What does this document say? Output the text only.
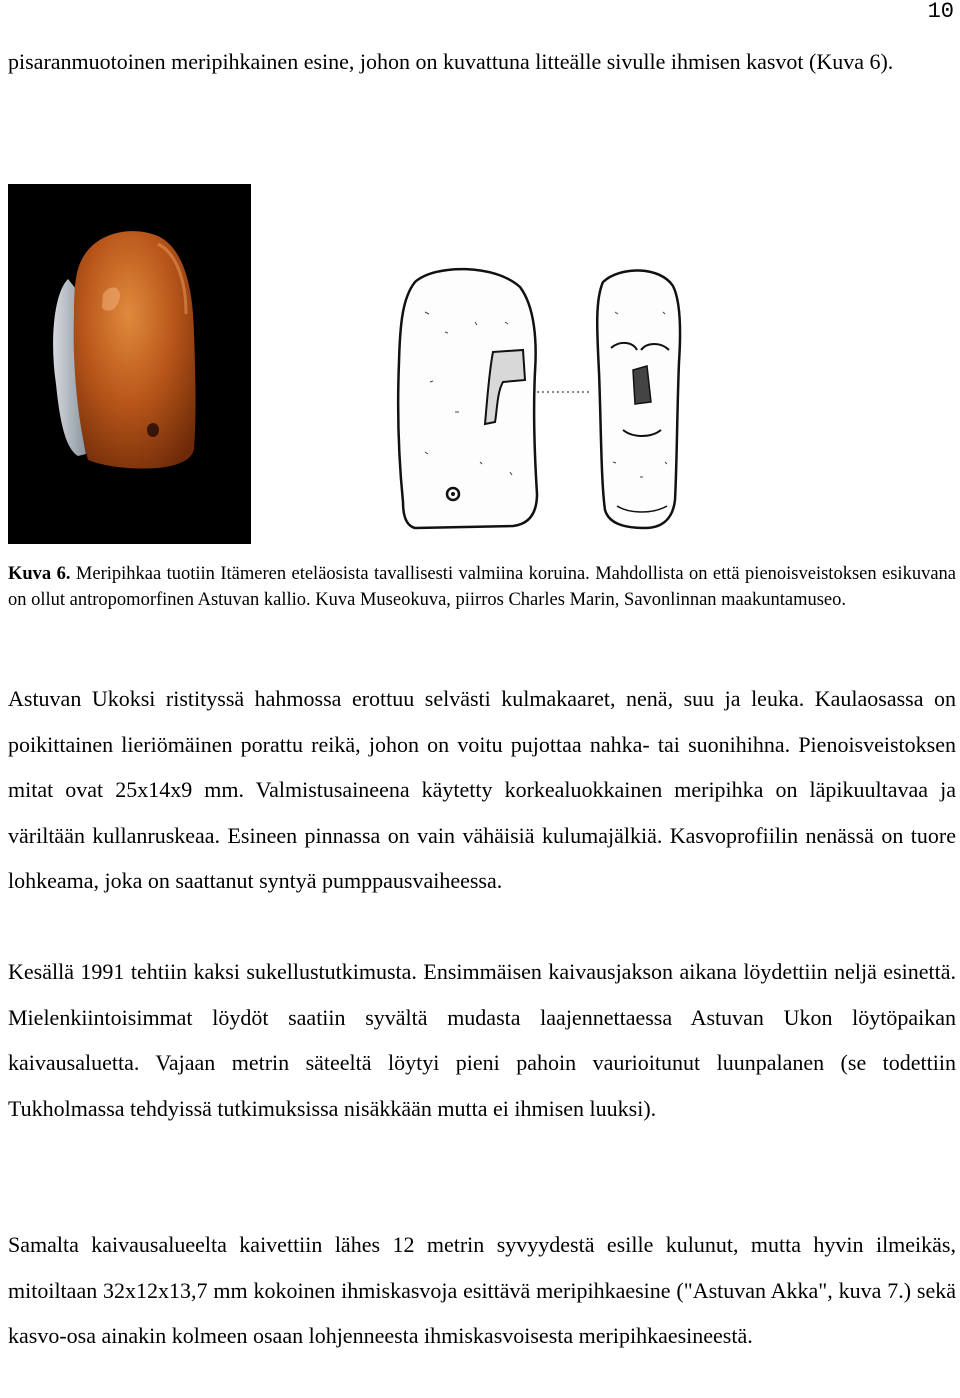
10

pisaranmuotoinen meripihkainen esine, johon on kuvattuna litteälle sivulle ihmisen kasvot (Kuva 6).

Kuva 6. Meripihkaa tuotiin Itämeren eteläosista tavallisesti valmiina koruina. Mahdollista on että pienoisveistoksen esikuvana on ollut antropomorfinen Astuvan kallio. Kuva Museokuva, piirros Charles Marin, Savonlinnan maakuntamuseo.

Astuvan Ukoksi ristityssä hahmossa erottuu selvästi kulmakaaret, nenä, suu ja leuka. Kaulaosassa on poikittainen lieriömäinen porattu reikä, johon on voitu pujottaa nahka- tai suonihihna. Pienoisveistoksen mitat ovat 25x14x9 mm. Valmistusaineena käytetty korkealuokkainen meripihka on läpikuultavaa ja väriltään kullanruskeaa. Esineen pinnassa on vain vähäisiä kulumajälkiä. Kasvoprofiilin nenässä on tuore lohkeama, joka on saattanut syntyä pumppausvaiheessa.

Kesällä 1991 tehtiin kaksi sukellustutkimusta. Ensimmäisen kaivausjakson aikana löydettiin neljä esinettä. Mielenkiintoisimmat löydöt saatiin syvältä mudasta laajennettaessa Astuvan Ukon löytöpaikan kaivausaluetta. Vajaan metrin säteeltä löytyi pieni pahoin vaurioitunut luunpalanen (se todettiin Tukholmassa tehdyissä tutkimuksissa nisäkkään mutta ei ihmisen luuksi).

Samalta kaivausalueelta kaivettiin lähes 12 metrin syvyydestä esille kulunut, mutta hyvin ilmeikäs, mitoiltaan 32x12x13,7 mm kokoinen ihmiskasvoja esittävä meripihkaesine ("Astuvan Akka", kuva 7.) sekä kasvo-osa ainakin kolmeen osaan lohjenneesta ihmiskasvoisesta meripihkaesineestä.
